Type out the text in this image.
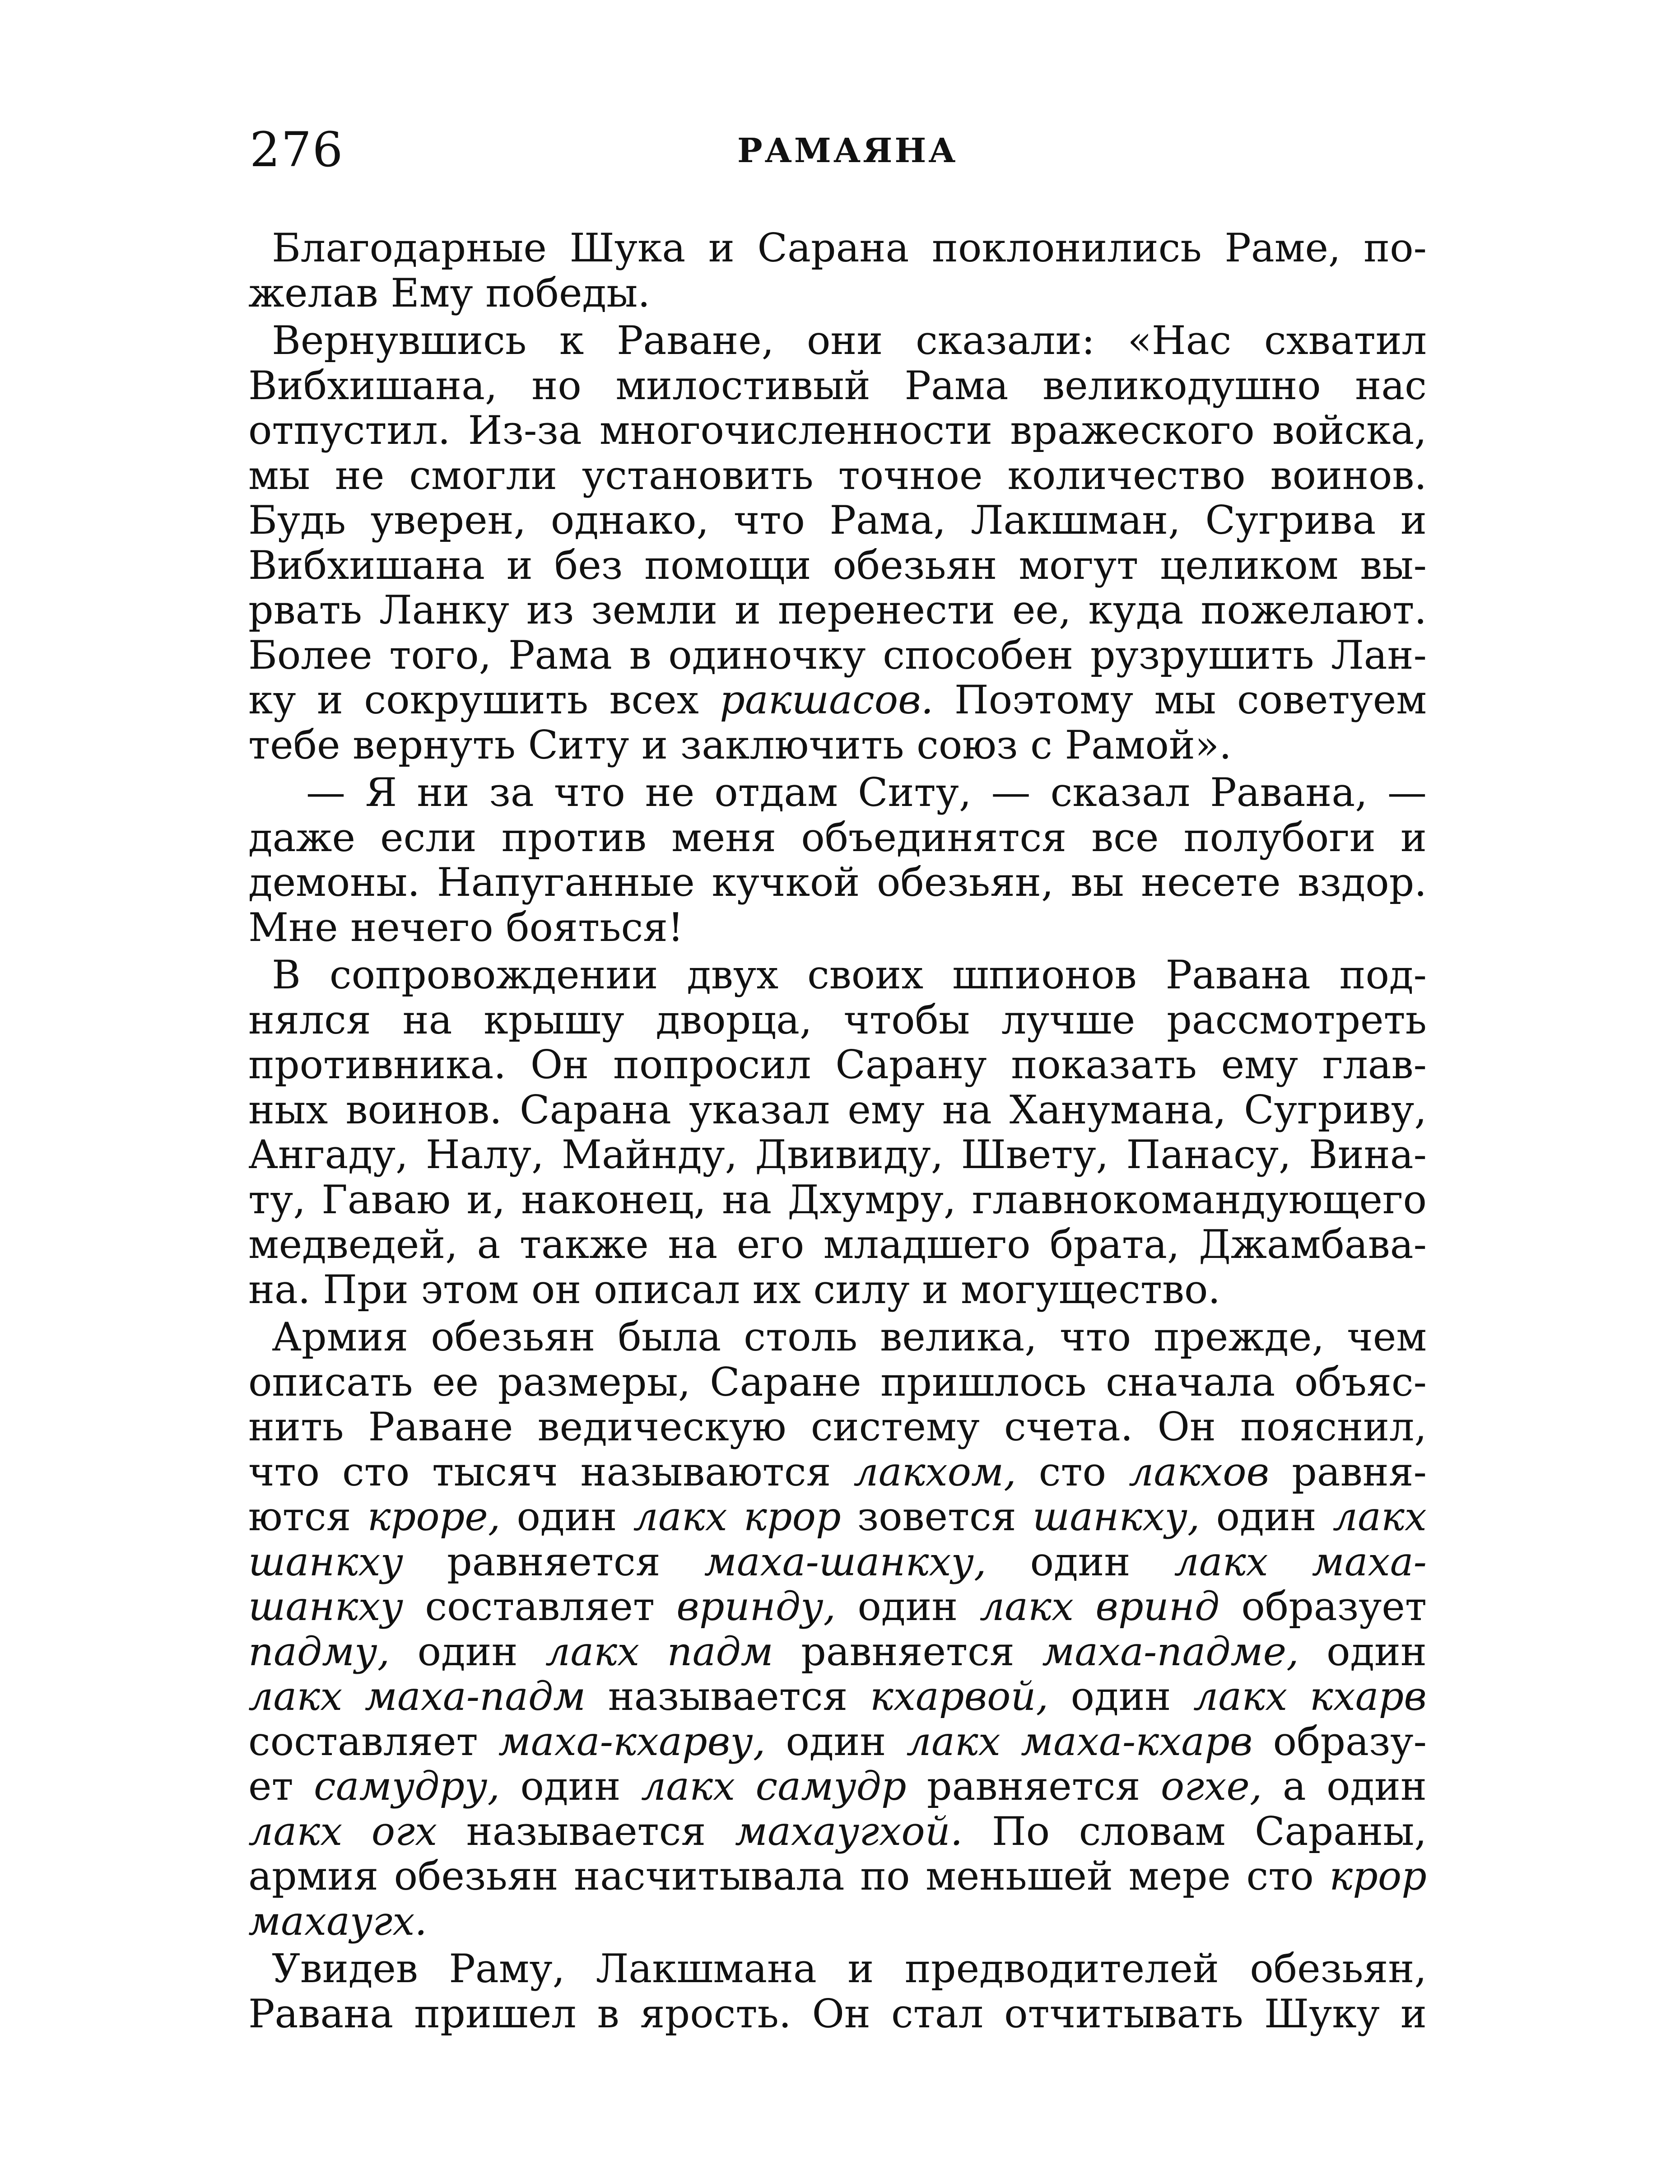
276	РАМАЯНА
Благодарные Шука и Сарана поклонились Раме, по-
желав Ему победы.
Вернувшись к Раване, они сказали: «Нас схватил
Вибхишана, но милостивый Рама великодушно нас
отпустил. Из-за многочисленности вражеского войска,
мы не смогли установить точное количество воинов.
Будь уверен, однако, что Рама, Лакшман, Сугрива и
Вибхишана и без помощи обезьян могут целиком вы-
рвать Ланку из земли и перенести ее, куда пожелают.
Более того, Рама в одиночку способен рузрушить Лан-
ку и сокрушить всех ракшасов. Поэтому мы советуем
тебе вернуть Ситу и заключить союз с Рамой».
— Я ни за что не отдам Ситу, — сказал Равана, —
даже если против меня объединятся все полубоги и
демоны. Напуганные кучкой обезьян, вы несете вздор.
Мне нечего бояться!
В сопровождении двух своих шпионов Равана под-
нялся на крышу дворца, чтобы лучше рассмотреть
противника. Он попросил Сарану показать ему глав-
ных воинов. Сарана указал ему на Ханумана, Сугриву,
Ангаду, Налу, Майнду, Двивиду, Швету, Панасу, Вина-
ту, Гаваю и, наконец, на Дхумру, главнокомандующего
медведей, а также на его младшего брата, Джамбава-
на. При этом он описал их силу и могущество.
Армия обезьян была столь велика, что прежде, чем
описать ее размеры, Саране пришлось сначала объяс-
нить Раване ведическую систему счета. Он пояснил,
что сто тысяч называются лакхом, сто лакхов равня-
ются кроре, один лакх крор зовется шанкху, один лакх
шанкху равняется маха-шанкху, один лакх маха-
шанкху составляет вринду, один лакх вринд образует
падму, один лакх падм равняется маха-падме, один
лакх маха-падм называется кхарвой, один лакх кхарв
составляет маха-кхарву, один лакх маха-кхарв образу-
ет самудру, один лакх самудр равняется огхе, а один
лакх огх называется махаугхой. По словам Сараны,
армия обезьян насчитывала по меньшей мере сто крор
махаугх.
Увидев Раму, Лакшмана и предводителей обезьян,
Равана пришел в ярость. Он стал отчитывать Шуку и
